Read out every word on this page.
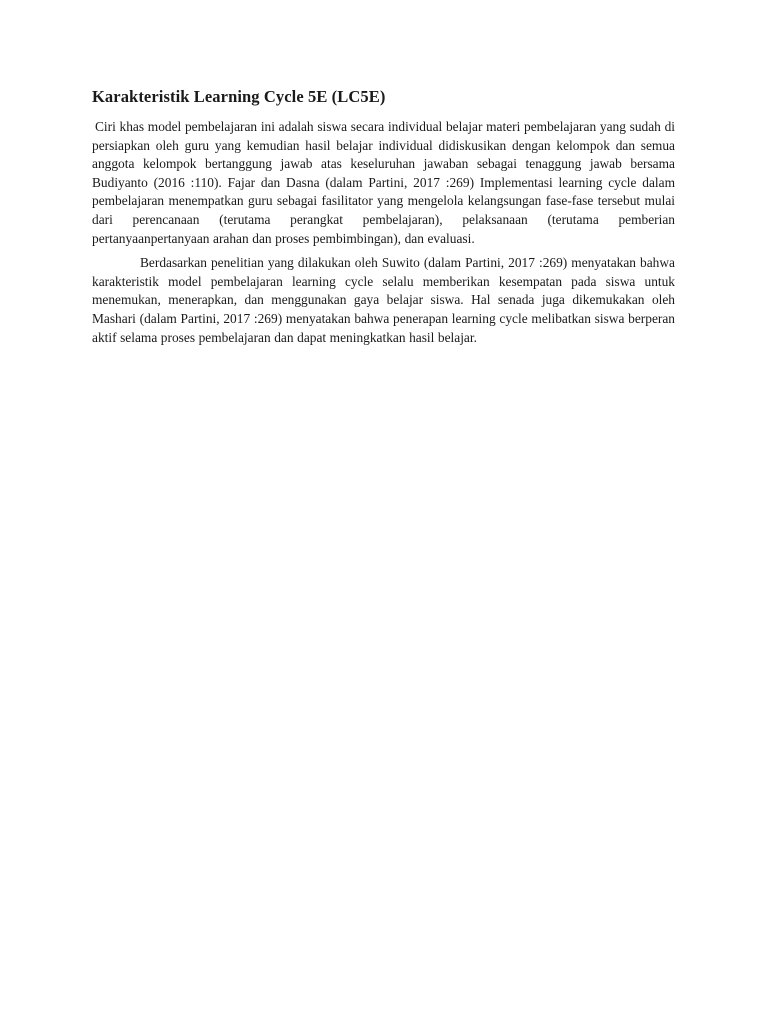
Karakteristik Learning Cycle 5E (LC5E)

Ciri khas model pembelajaran ini adalah siswa secara individual belajar materi pembelajaran yang sudah di persiapkan oleh guru yang kemudian hasil belajar individual didiskusikan dengan kelompok dan semua anggota kelompok bertanggung jawab atas keseluruhan jawaban sebagai tenaggung jawab bersama Budiyanto (2016 :110). Fajar dan Dasna (dalam Partini, 2017 :269) Implementasi learning cycle dalam pembelajaran menempatkan guru sebagai fasilitator yang mengelola kelangsungan fase-fase tersebut mulai dari perencanaan (terutama perangkat pembelajaran), pelaksanaan (terutama pemberian pertanyaanpertanyaan arahan dan proses pembimbingan), dan evaluasi.

Berdasarkan penelitian yang dilakukan oleh Suwito (dalam Partini, 2017 :269) menyatakan bahwa karakteristik model pembelajaran learning cycle selalu memberikan kesempatan pada siswa untuk menemukan, menerapkan, dan menggunakan gaya belajar siswa. Hal senada juga dikemukakan oleh Mashari (dalam Partini, 2017 :269) menyatakan bahwa penerapan learning cycle melibatkan siswa berperan aktif selama proses pembelajaran dan dapat meningkatkan hasil belajar.
